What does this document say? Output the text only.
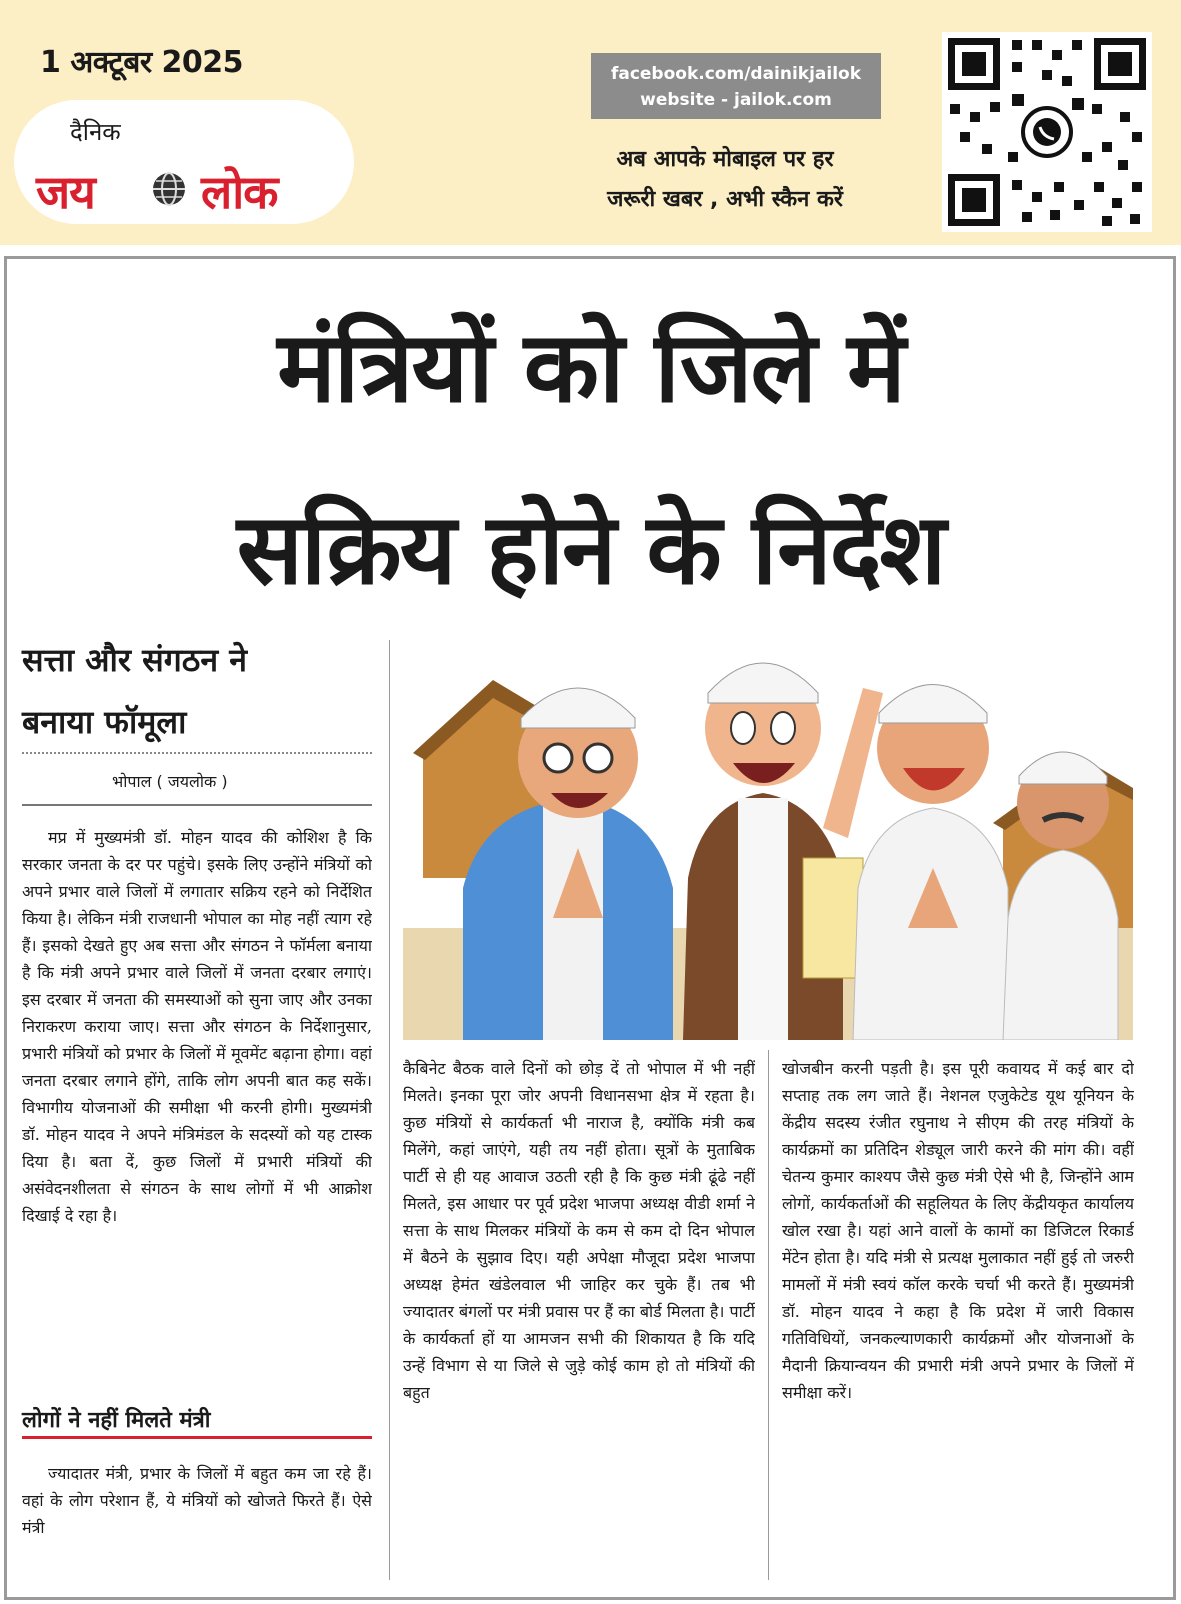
1 अक्टूबर 2025
दैनिक
जय लोक
facebook.com/dainikjailok
website - jailok.com
अब आपके मोबाइल पर हर
जरूरी खबर , अभी स्कैन करें
मंत्रियों को जिले में
सक्रिय होने के निर्देश
सत्ता और संगठन ने
बनाया फॉमूला
भोपाल ( जयलोक )

मप्र में मुख्यमंत्री डॉ. मोहन यादव की कोशिश है कि सरकार जनता के दर पर पहुंचे। इसके लिए उन्होंने मंत्रियों को अपने प्रभार वाले जिलों में लगातार सक्रिय रहने को निर्देशित किया है। लेकिन मंत्री राजधानी भोपाल का मोह नहीं त्याग रहे हैं। इसको देखते हुए अब सत्ता और संगठन ने फॉर्मला बनाया है कि मंत्री अपने प्रभार वाले जिलों में जनता दरबार लगाएं। इस दरबार में जनता की समस्याओं को सुना जाए और उनका निराकरण कराया जाए। सत्ता और संगठन के निर्देशानुसार, प्रभारी मंत्रियों को प्रभार के जिलों में मूवमेंट बढ़ाना होगा। वहां जनता दरबार लगाने होंगे, ताकि लोग अपनी बात कह सकें। विभागीय योजनाओं की समीक्षा भी करनी होगी। मुख्यमंत्री डॉ. मोहन यादव ने अपने मंत्रिमंडल के सदस्यों को यह टास्क दिया है। बता दें, कुछ जिलों में प्रभारी मंत्रियों की असंवेदनशीलता से संगठन के साथ लोगों में भी आक्रोश दिखाई दे रहा है।

लोगों ने नहीं मिलते मंत्री

ज्यादातर मंत्री, प्रभार के जिलों में बहुत कम जा रहे हैं। वहां के लोग परेशान हैं, ये मंत्रियों को खोजते फिरते हैं। ऐसे मंत्री

कैबिनेट बैठक वाले दिनों को छोड़ दें तो भोपाल में भी नहीं मिलते। इनका पूरा जोर अपनी विधानसभा क्षेत्र में रहता है। कुछ मंत्रियों से कार्यकर्ता भी नाराज है, क्योंकि मंत्री कब मिलेंगे, कहां जाएंगे, यही तय नहीं होता। सूत्रों के मुताबिक पार्टी से ही यह आवाज उठती रही है कि कुछ मंत्री ढूंढे नहीं मिलते, इस आधार पर पूर्व प्रदेश भाजपा अध्यक्ष वीडी शर्मा ने सत्ता के साथ मिलकर मंत्रियों के कम से कम दो दिन भोपाल में बैठने के सुझाव दिए। यही अपेक्षा मौजूदा प्रदेश भाजपा अध्यक्ष हेमंत खंडेलवाल भी जाहिर कर चुके हैं। तब भी ज्यादातर बंगलों पर मंत्री प्रवास पर हैं का बोर्ड मिलता है। पार्टी के कार्यकर्ता हों या आमजन सभी की शिकायत है कि यदि उन्हें विभाग से या जिले से जुड़े कोई काम हो तो मंत्रियों की बहुत

खोजबीन करनी पड़ती है। इस पूरी कवायद में कई बार दो सप्ताह तक लग जाते हैं। नेशनल एजुकेटेड यूथ यूनियन के केंद्रीय सदस्य रंजीत रघुनाथ ने सीएम की तरह मंत्रियों के कार्यक्रमों का प्रतिदिन शेड्यूल जारी करने की मांग की। वहीं चेतन्य कुमार काश्यप जैसे कुछ मंत्री ऐसे भी है, जिन्होंने आम लोगों, कार्यकर्ताओं की सहूलियत के लिए केंद्रीयकृत कार्यालय खोल रखा है। यहां आने वालों के कामों का डिजिटल रिकार्ड मेंटेन होता है। यदि मंत्री से प्रत्यक्ष मुलाकात नहीं हुई तो जरुरी मामलों में मंत्री स्वयं कॉल करके चर्चा भी करते हैं। मुख्यमंत्री डॉ. मोहन यादव ने कहा है कि प्रदेश में जारी विकास गतिविधियों, जनकल्याणकारी कार्यक्रमों और योजनाओं के मैदानी क्रियान्वयन की प्रभारी मंत्री अपने प्रभार के जिलों में समीक्षा करें।
